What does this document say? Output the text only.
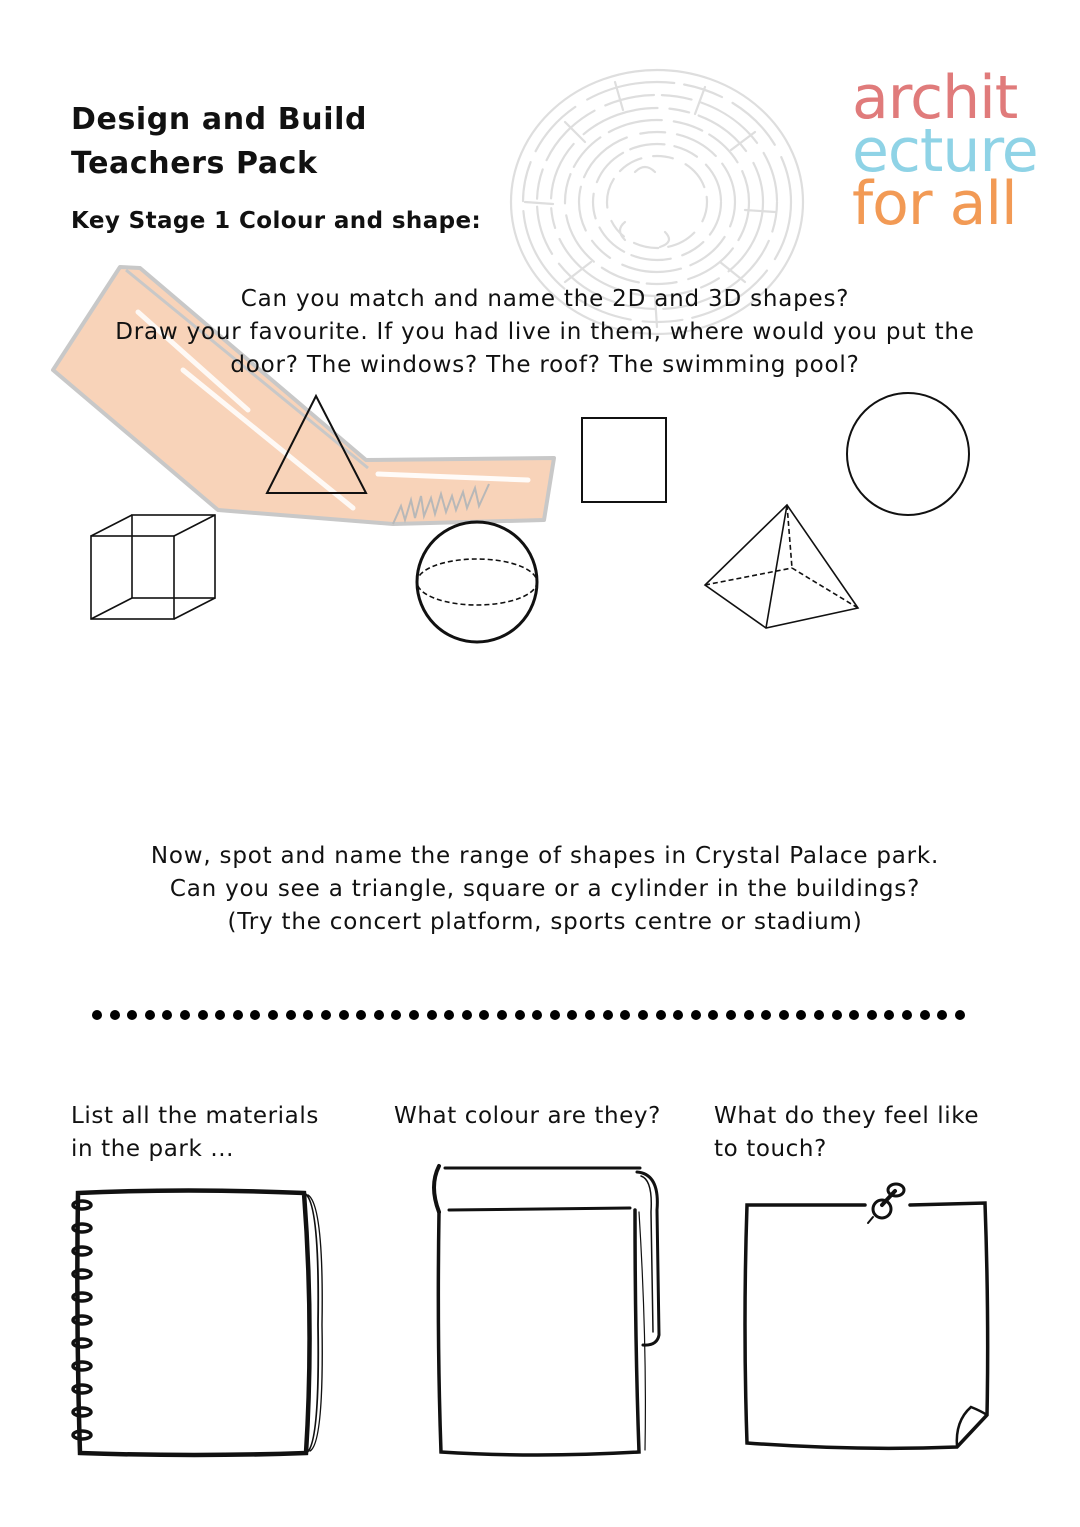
Design and Build
Teachers Pack
Key Stage 1 Colour and shape:
archit
ecture
for all
Can you match and name the 2D and 3D shapes?
Draw your favourite. If you had live in them, where would you put the
door? The windows? The roof? The swimming pool?
Now, spot and name the range of shapes in Crystal Palace park.
Can you see a triangle, square or a cylinder in the buildings?
(Try the concert platform, sports centre or stadium)
List all the materials
in the park ...
What colour are they?	What do they feel like
to touch?
